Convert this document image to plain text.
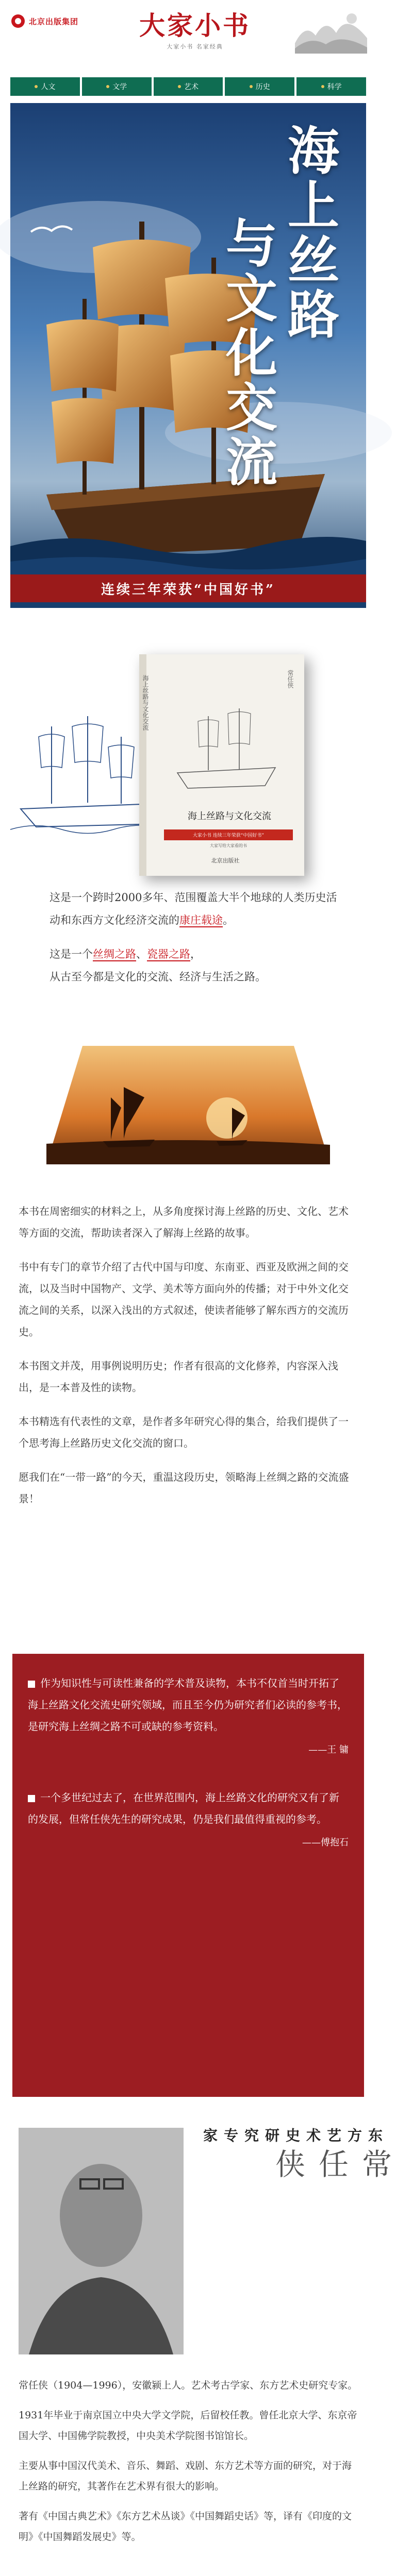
北京出版集团 大家小书
大家小书 名家经典
人文	文学	艺术	历史	科学
海上丝路
与文化交流
连续三年荣获“中国好书”
海上丝路与文化交流	常任侠
海上丝路与文化交流
大家小书 连续三年荣获“中国好书”
大家写给大家看的书
北京出版社

这是一个跨时2000多年、范围覆盖大半个地球的人类历史活动和东西方文化经济交流的康庄载途。

这是一个丝绸之路、瓷器之路，
从古至今都是文化的交流、经济与生活之路。

本书在周密细实的材料之上，从多角度探讨海上丝路的历史、文化、艺术等方面的交流，帮助读者深入了解海上丝路的故事。

书中有专门的章节介绍了古代中国与印度、东南亚、西亚及欧洲之间的交流，以及当时中国物产、文学、美术等方面向外的传播；对于中外文化交流之间的关系，以深入浅出的方式叙述，使读者能够了解东西方的交流历史。

本书图文并茂，用事例说明历史；作者有很高的文化修养，内容深入浅出，是一本普及性的读物。

本书精选有代表性的文章，是作者多年研究心得的集合，给我们提供了一个思考海上丝路历史文化交流的窗口。

愿我们在“一带一路”的今天，重温这段历史，领略海上丝绸之路的交流盛景！

作为知识性与可读性兼备的学术普及读物，本书不仅首当时开拓了海上丝路文化交流史研究领域，而且至今仍为研究者们必读的参考书，是研究海上丝绸之路不可或缺的参考资料。
——王 镛
一个多世纪过去了，在世界范围内，海上丝路文化的研究又有了新的发展，但常任侠先生的研究成果，仍是我们最值得重视的参考。
——傅抱石
东方艺术史研究专家
常任侠

常任侠（1904—1996），安徽颍上人。艺术考古学家、东方艺术史研究专家。

1931年毕业于南京国立中央大学文学院，后留校任教。曾任北京大学、东京帝国大学、中国佛学院教授，中央美术学院图书馆馆长。

主要从事中国汉代美术、音乐、舞蹈、戏剧、东方艺术等方面的研究，对于海上丝路的研究，其著作在艺术界有很大的影响。

著有《中国古典艺术》《东方艺术丛谈》《中国舞蹈史话》等，译有《印度的文明》《中国舞蹈发展史》等。
